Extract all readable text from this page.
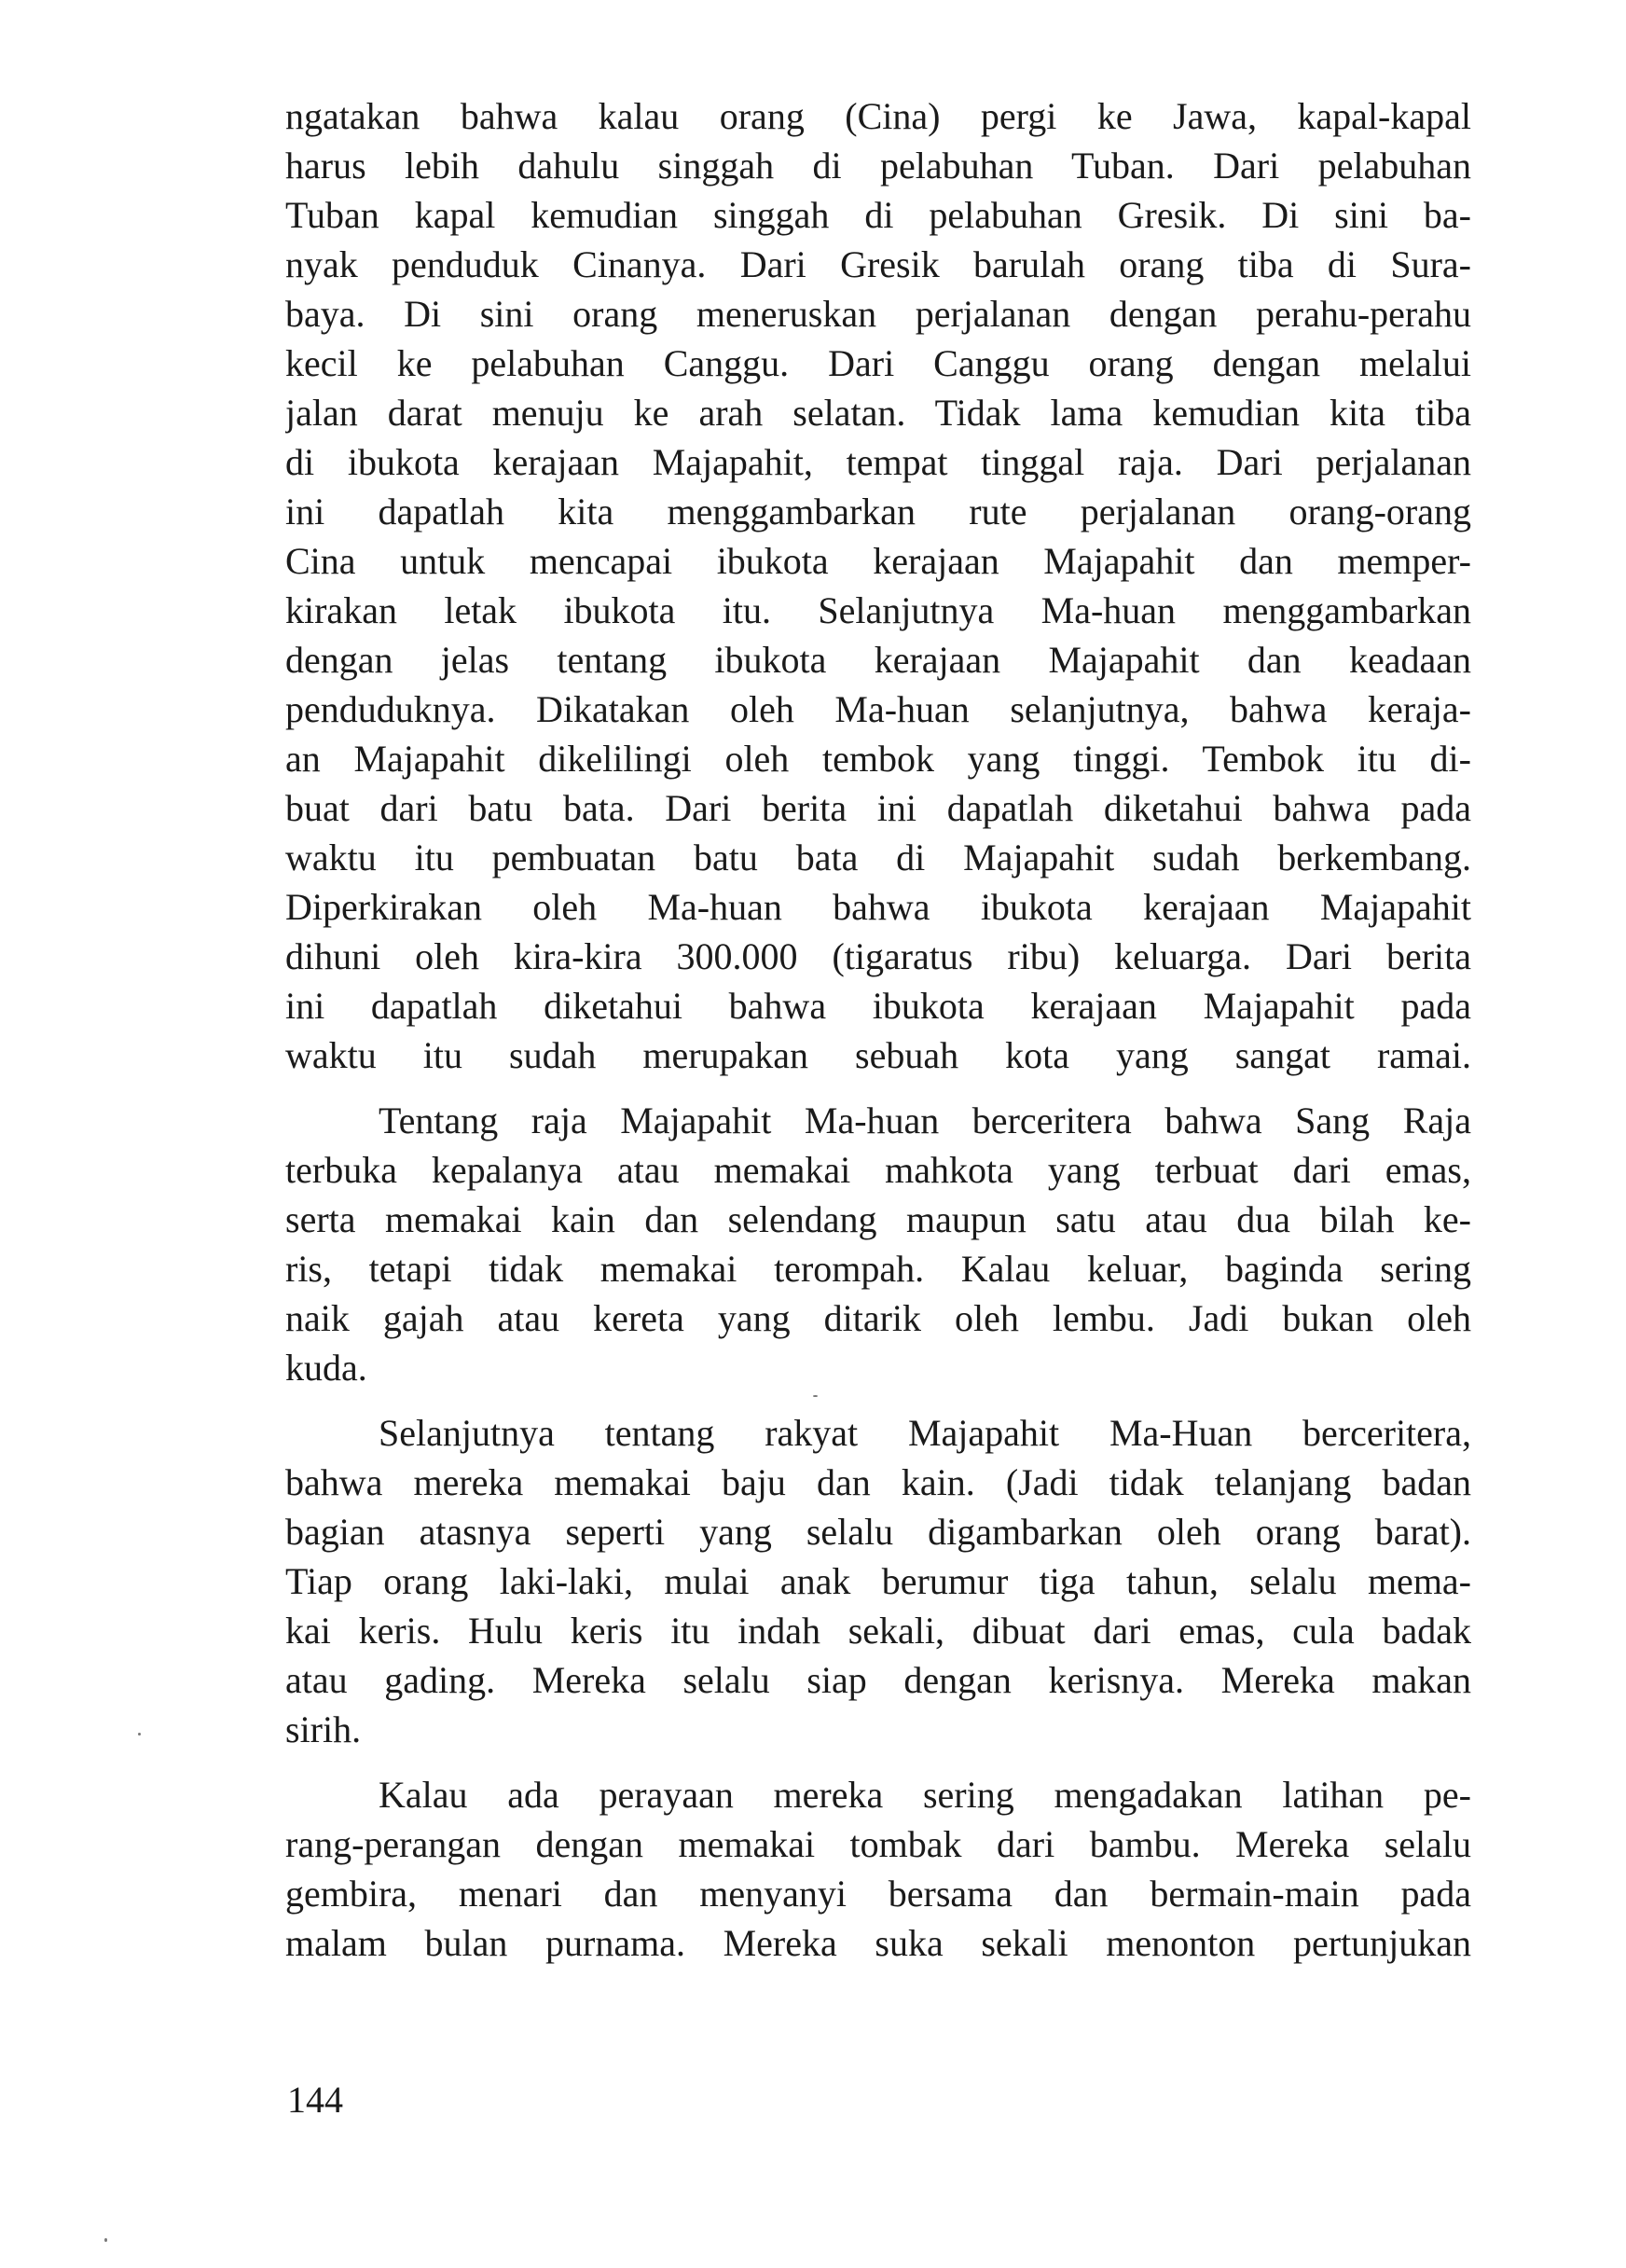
ngatakan bahwa kalau orang (Cina) pergi ke Jawa, kapal-kapal
harus lebih dahulu singgah di pelabuhan Tuban. Dari pelabuhan
Tuban kapal kemudian singgah di pelabuhan Gresik. Di sini ba-
nyak penduduk Cinanya. Dari Gresik barulah orang tiba di Sura-
baya. Di sini orang meneruskan perjalanan dengan perahu-perahu
kecil ke pelabuhan Canggu. Dari Canggu orang dengan melalui
jalan darat menuju ke arah selatan. Tidak lama kemudian kita tiba
di ibukota kerajaan Majapahit, tempat tinggal raja. Dari perjalanan
ini dapatlah kita menggambarkan rute perjalanan orang-orang
Cina untuk mencapai ibukota kerajaan Majapahit dan memper-
kirakan letak ibukota itu. Selanjutnya Ma-huan menggambarkan
dengan jelas tentang ibukota kerajaan Majapahit dan keadaan
penduduknya. Dikatakan oleh Ma-huan selanjutnya, bahwa keraja-
an Majapahit dikelilingi oleh tembok yang tinggi. Tembok itu di-
buat dari batu bata. Dari berita ini dapatlah diketahui bahwa pada
waktu itu pembuatan batu bata di Majapahit sudah berkembang.
Diperkirakan oleh Ma-huan bahwa ibukota kerajaan Majapahit
dihuni oleh kira-kira 300.000 (tigaratus ribu) keluarga. Dari berita
ini dapatlah diketahui bahwa ibukota kerajaan Majapahit pada
waktu itu sudah merupakan sebuah kota yang sangat ramai.
Tentang raja Majapahit Ma-huan berceritera bahwa Sang Raja
terbuka kepalanya atau memakai mahkota yang terbuat dari emas,
serta memakai kain dan selendang maupun satu atau dua bilah ke-
ris, tetapi tidak memakai terompah. Kalau keluar, baginda sering
naik gajah atau kereta yang ditarik oleh lembu. Jadi bukan oleh
kuda.
Selanjutnya tentang rakyat Majapahit Ma-Huan berceritera,
bahwa mereka memakai baju dan kain. (Jadi tidak telanjang badan
bagian atasnya seperti yang selalu digambarkan oleh orang barat).
Tiap orang laki-laki, mulai anak berumur tiga tahun, selalu mema-
kai keris. Hulu keris itu indah sekali, dibuat dari emas, cula badak
atau gading. Mereka selalu siap dengan kerisnya. Mereka makan
sirih.
Kalau ada perayaan mereka sering mengadakan latihan pe-
rang-perangan dengan memakai tombak dari bambu. Mereka selalu
gembira, menari dan menyanyi bersama dan bermain-main pada
malam bulan purnama. Mereka suka sekali menonton pertunjukan
144
